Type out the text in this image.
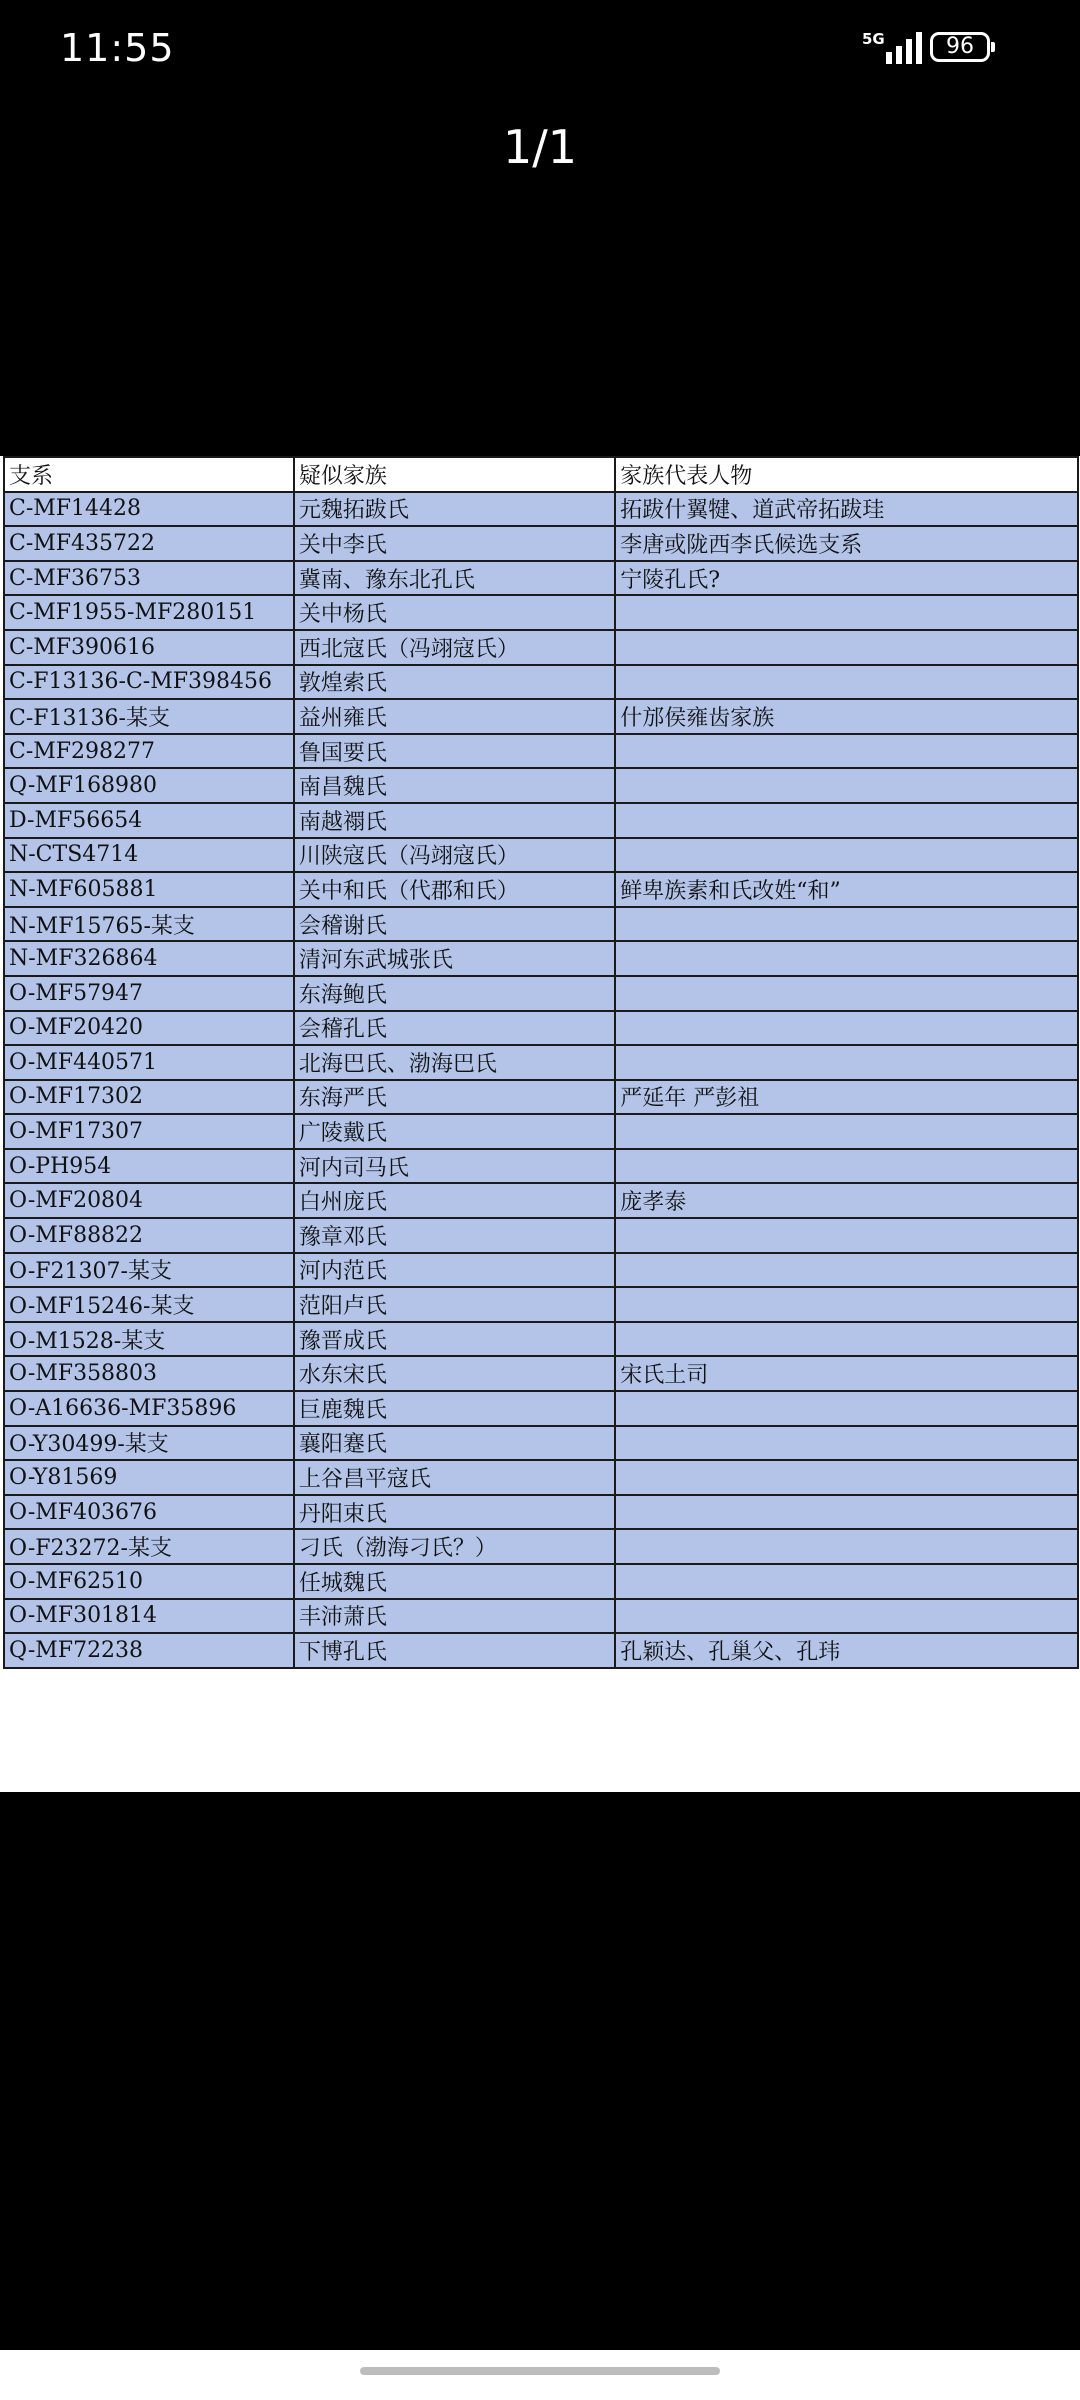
11:55	5G	96
1/1
支系	疑似家族	家族代表人物
C-MF14428	元魏拓跋氏	拓跋什翼犍、道武帝拓跋珪
C-MF435722	关中李氏	李唐或陇西李氏候选支系
C-MF36753	冀南、豫东北孔氏	宁陵孔氏?
C-MF1955-MF280151	关中杨氏	
C-MF390616	西北寇氏（冯翊寇氏）	
C-F13136-C-MF398456	敦煌索氏	
C-F13136-某支	益州雍氏	什邡侯雍齿家族
C-MF298277	鲁国要氏	
Q-MF168980	南昌魏氏	
D-MF56654	南越禤氏	
N-CTS4714	川陕寇氏（冯翊寇氏）	
N-MF605881	关中和氏（代郡和氏）	鲜卑族素和氏改姓“和”
N-MF15765-某支	会稽谢氏	
N-MF326864	清河东武城张氏	
O-MF57947	东海鲍氏	
O-MF20420	会稽孔氏	
O-MF440571	北海巴氏、渤海巴氏	
O-MF17302	东海严氏	严延年 严彭祖
O-MF17307	广陵戴氏	
O-PH954	河内司马氏	
O-MF20804	白州庞氏	庞孝泰
O-MF88822	豫章邓氏	
O-F21307-某支	河内范氏	
O-MF15246-某支	范阳卢氏	
O-M1528-某支	豫晋成氏	
O-MF358803	水东宋氏	宋氏土司
O-A16636-MF35896	巨鹿魏氏	
O-Y30499-某支	襄阳蹇氏	
O-Y81569	上谷昌平寇氏	
O-MF403676	丹阳束氏	
O-F23272-某支	刁氏（渤海刁氏？）	
O-MF62510	任城魏氏	
O-MF301814	丰沛萧氏	
Q-MF72238	下博孔氏	孔颖达、孔巢父、孔玮
